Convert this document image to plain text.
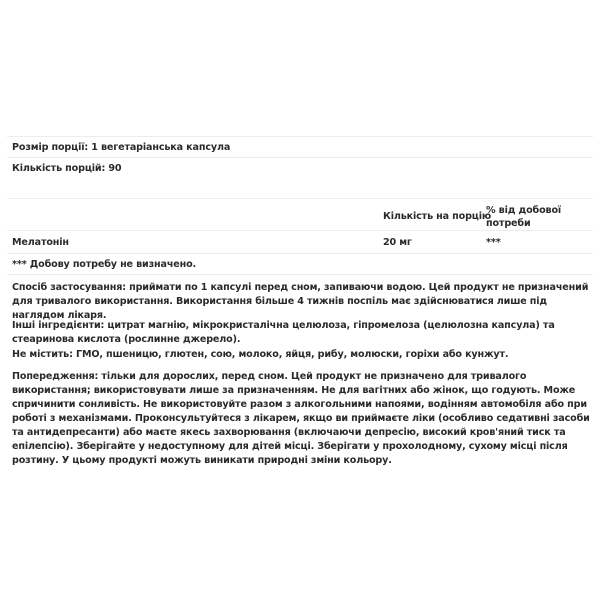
Розмір порції: 1 вегетаріанська капсула
Кількість порцій: 90
Кількість на порцію
% від добової потреби
Мелатонін	20 мг	***
*** Добову потребу не визначено.

Спосіб застосування: приймати по 1 капсулі перед сном, запиваючи водою. Цей продукт не призначений для тривалого використання. Використання більше 4 тижнів поспіль має здійснюватися лише під наглядом лікаря.

Інші інгредієнти: цитрат магнію, мікрокристалічна целюлоза, гіпромелоза (целюлозна капсула) та стеаринова кислота (рослинне джерело).

Не містить: ГМО, пшеницю, глютен, сою, молоко, яйця, рибу, молюски, горіхи або кунжут.

Попередження: тільки для дорослих, перед сном. Цей продукт не призначено для тривалого використання; використовувати лише за призначенням. Не для вагітних або жінок, що годують. Може спричинити сонливість. Не використовуйте разом з алкогольними напоями, водінням автомобіля або при роботі з механізмами. Проконсультуйтеся з лікарем, якщо ви приймаєте ліки (особливо седативні засоби та антидепресанти) або маєте якесь захворювання (включаючи депресію, високий кров'яний тиск та епілепсію). Зберігайте у недоступному для дітей місці. Зберігати у прохолодному, сухому місці після розтину. У цьому продукті можуть виникати природні зміни кольору.
